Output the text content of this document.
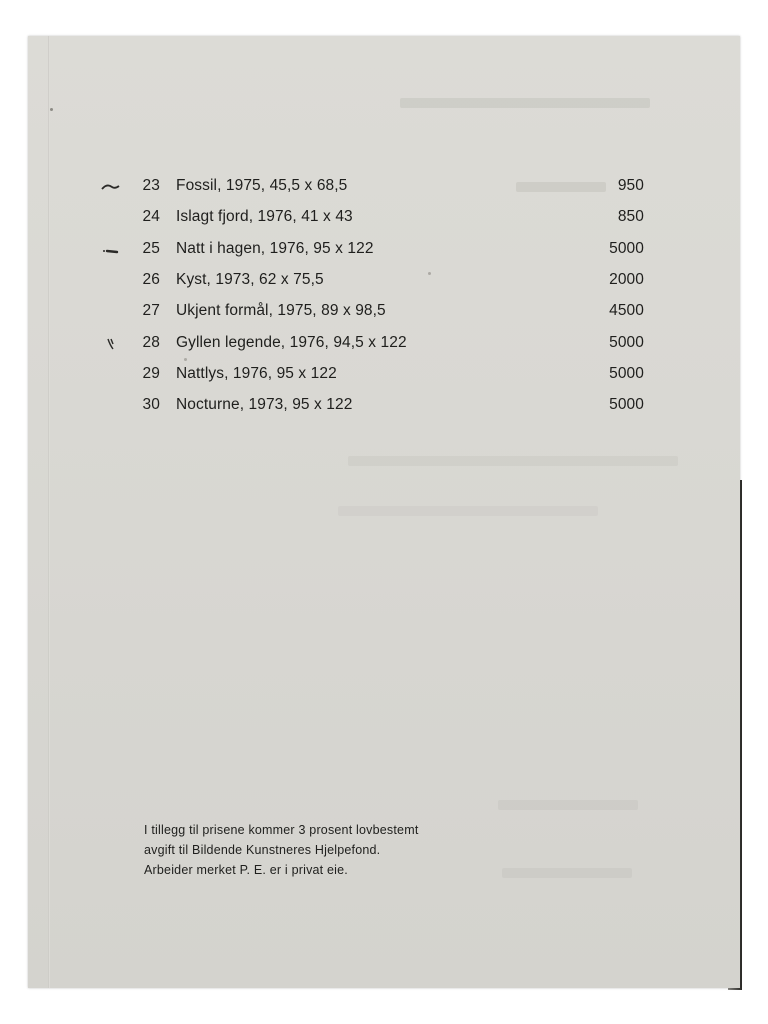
23 Fossil, 1975, 45,5 x 68,5	950
24 Islagt fjord, 1976, 41 x 43	850
25 Natt i hagen, 1976, 95 x 122	5000
26 Kyst, 1973, 62 x 75,5	2000
27 Ukjent formål, 1975, 89 x 98,5	4500
28 Gyllen legende, 1976, 94,5 x 122	5000
29 Nattlys, 1976, 95 x 122	5000
30 Nocturne, 1973, 95 x 122	5000
I tillegg til prisene kommer 3 prosent lovbestemt
avgift til Bildende Kunstneres Hjelpefond.
Arbeider merket P. E. er i privat eie.
